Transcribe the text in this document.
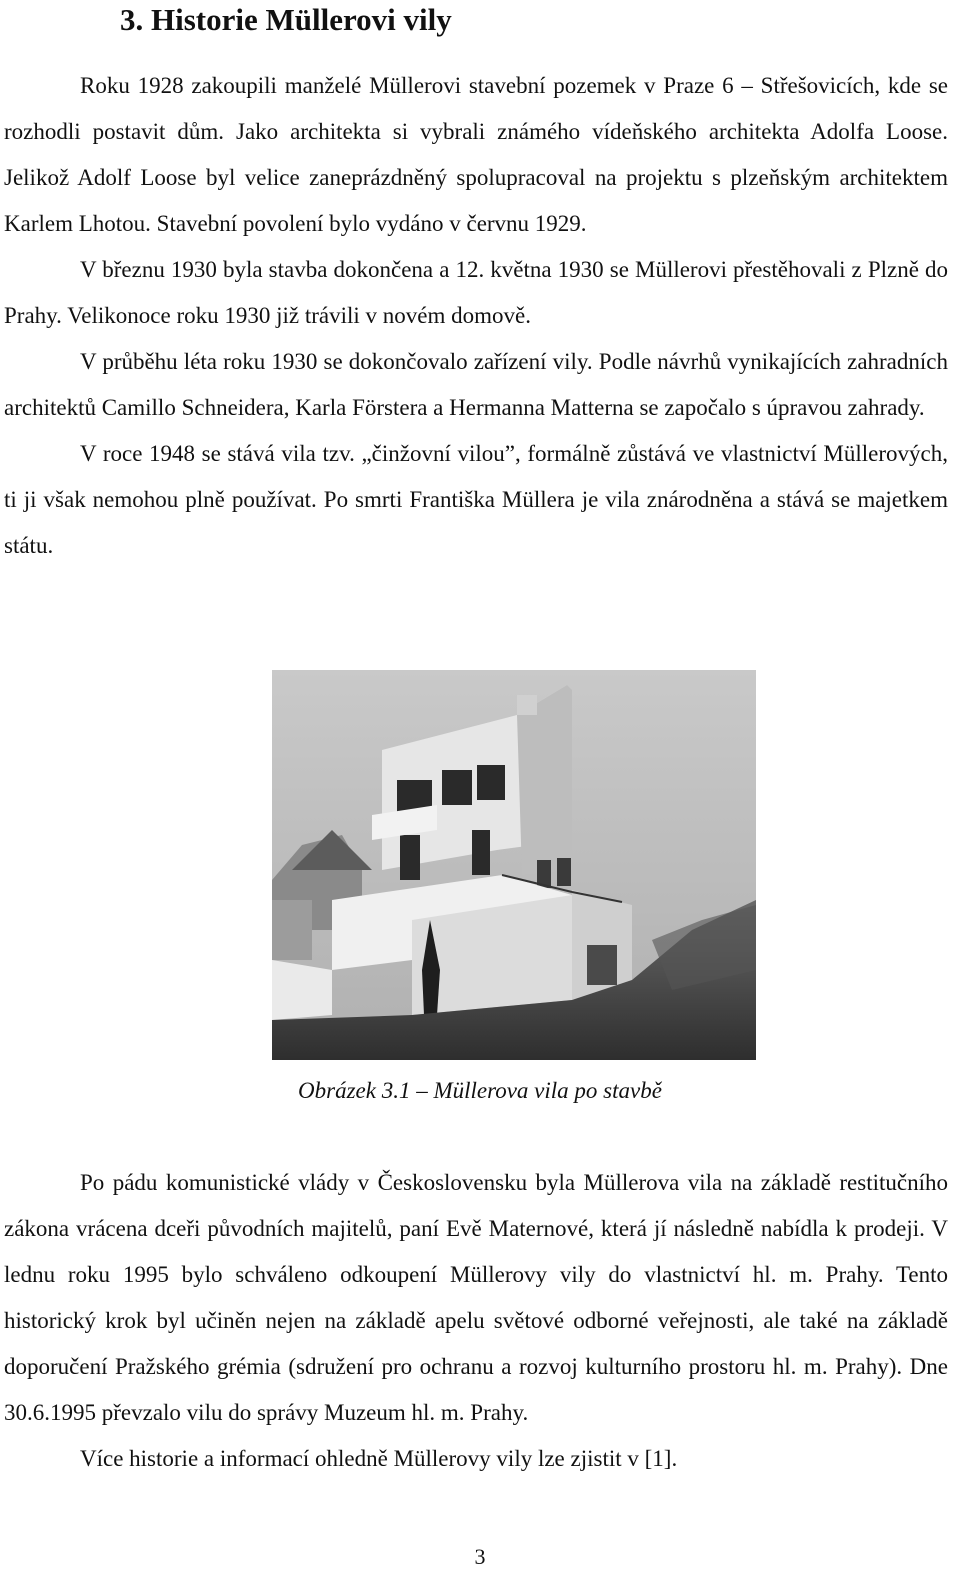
3. Historie Müllerovi vily

Roku 1928 zakoupili manželé Müllerovi stavební pozemek v Praze 6 – Střešovicích, kde se rozhodli postavit dům. Jako architekta si vybrali známého vídeňského architekta Adolfa Loose. Jelikož Adolf Loose byl velice zaneprázdněný spolupracoval na projektu s plzeňským architektem Karlem Lhotou. Stavební povolení bylo vydáno v červnu 1929.

V březnu 1930 byla stavba dokončena a 12. května 1930 se Müllerovi přestěhovali z Plzně do Prahy. Velikonoce roku 1930 již trávili v novém domově.

V průběhu léta roku 1930 se dokončovalo zařízení vily. Podle návrhů vynikajících zahradních architektů Camillo Schneidera, Karla Förstera a Hermanna Matterna se započalo s úpravou zahrady.

V roce 1948 se stává vila tzv. „činžovní vilou”, formálně zůstává ve vlastnictví Müllerových, ti ji však nemohou plně používat. Po smrti Františka Müllera je vila znárodněna a stává se majetkem státu.

Obrázek 3.1 – Müllerova vila po stavbě

Po pádu komunistické vlády v Československu byla Müllerova vila na základě restitučního zákona vrácena dceři původních majitelů, paní Evě Maternové, která jí následně nabídla k prodeji. V lednu roku 1995 bylo schváleno odkoupení Müllerovy vily do vlastnictví hl. m. Prahy. Tento historický krok byl učiněn nejen na základě apelu světové odborné veřejnosti, ale také na základě doporučení Pražského grémia (sdružení pro ochranu a rozvoj kulturního prostoru hl. m. Prahy). Dne 30.6.1995 převzalo vilu do správy Muzeum hl. m. Prahy.

Více historie a informací ohledně Müllerovy vily lze zjistit v [1].

3
